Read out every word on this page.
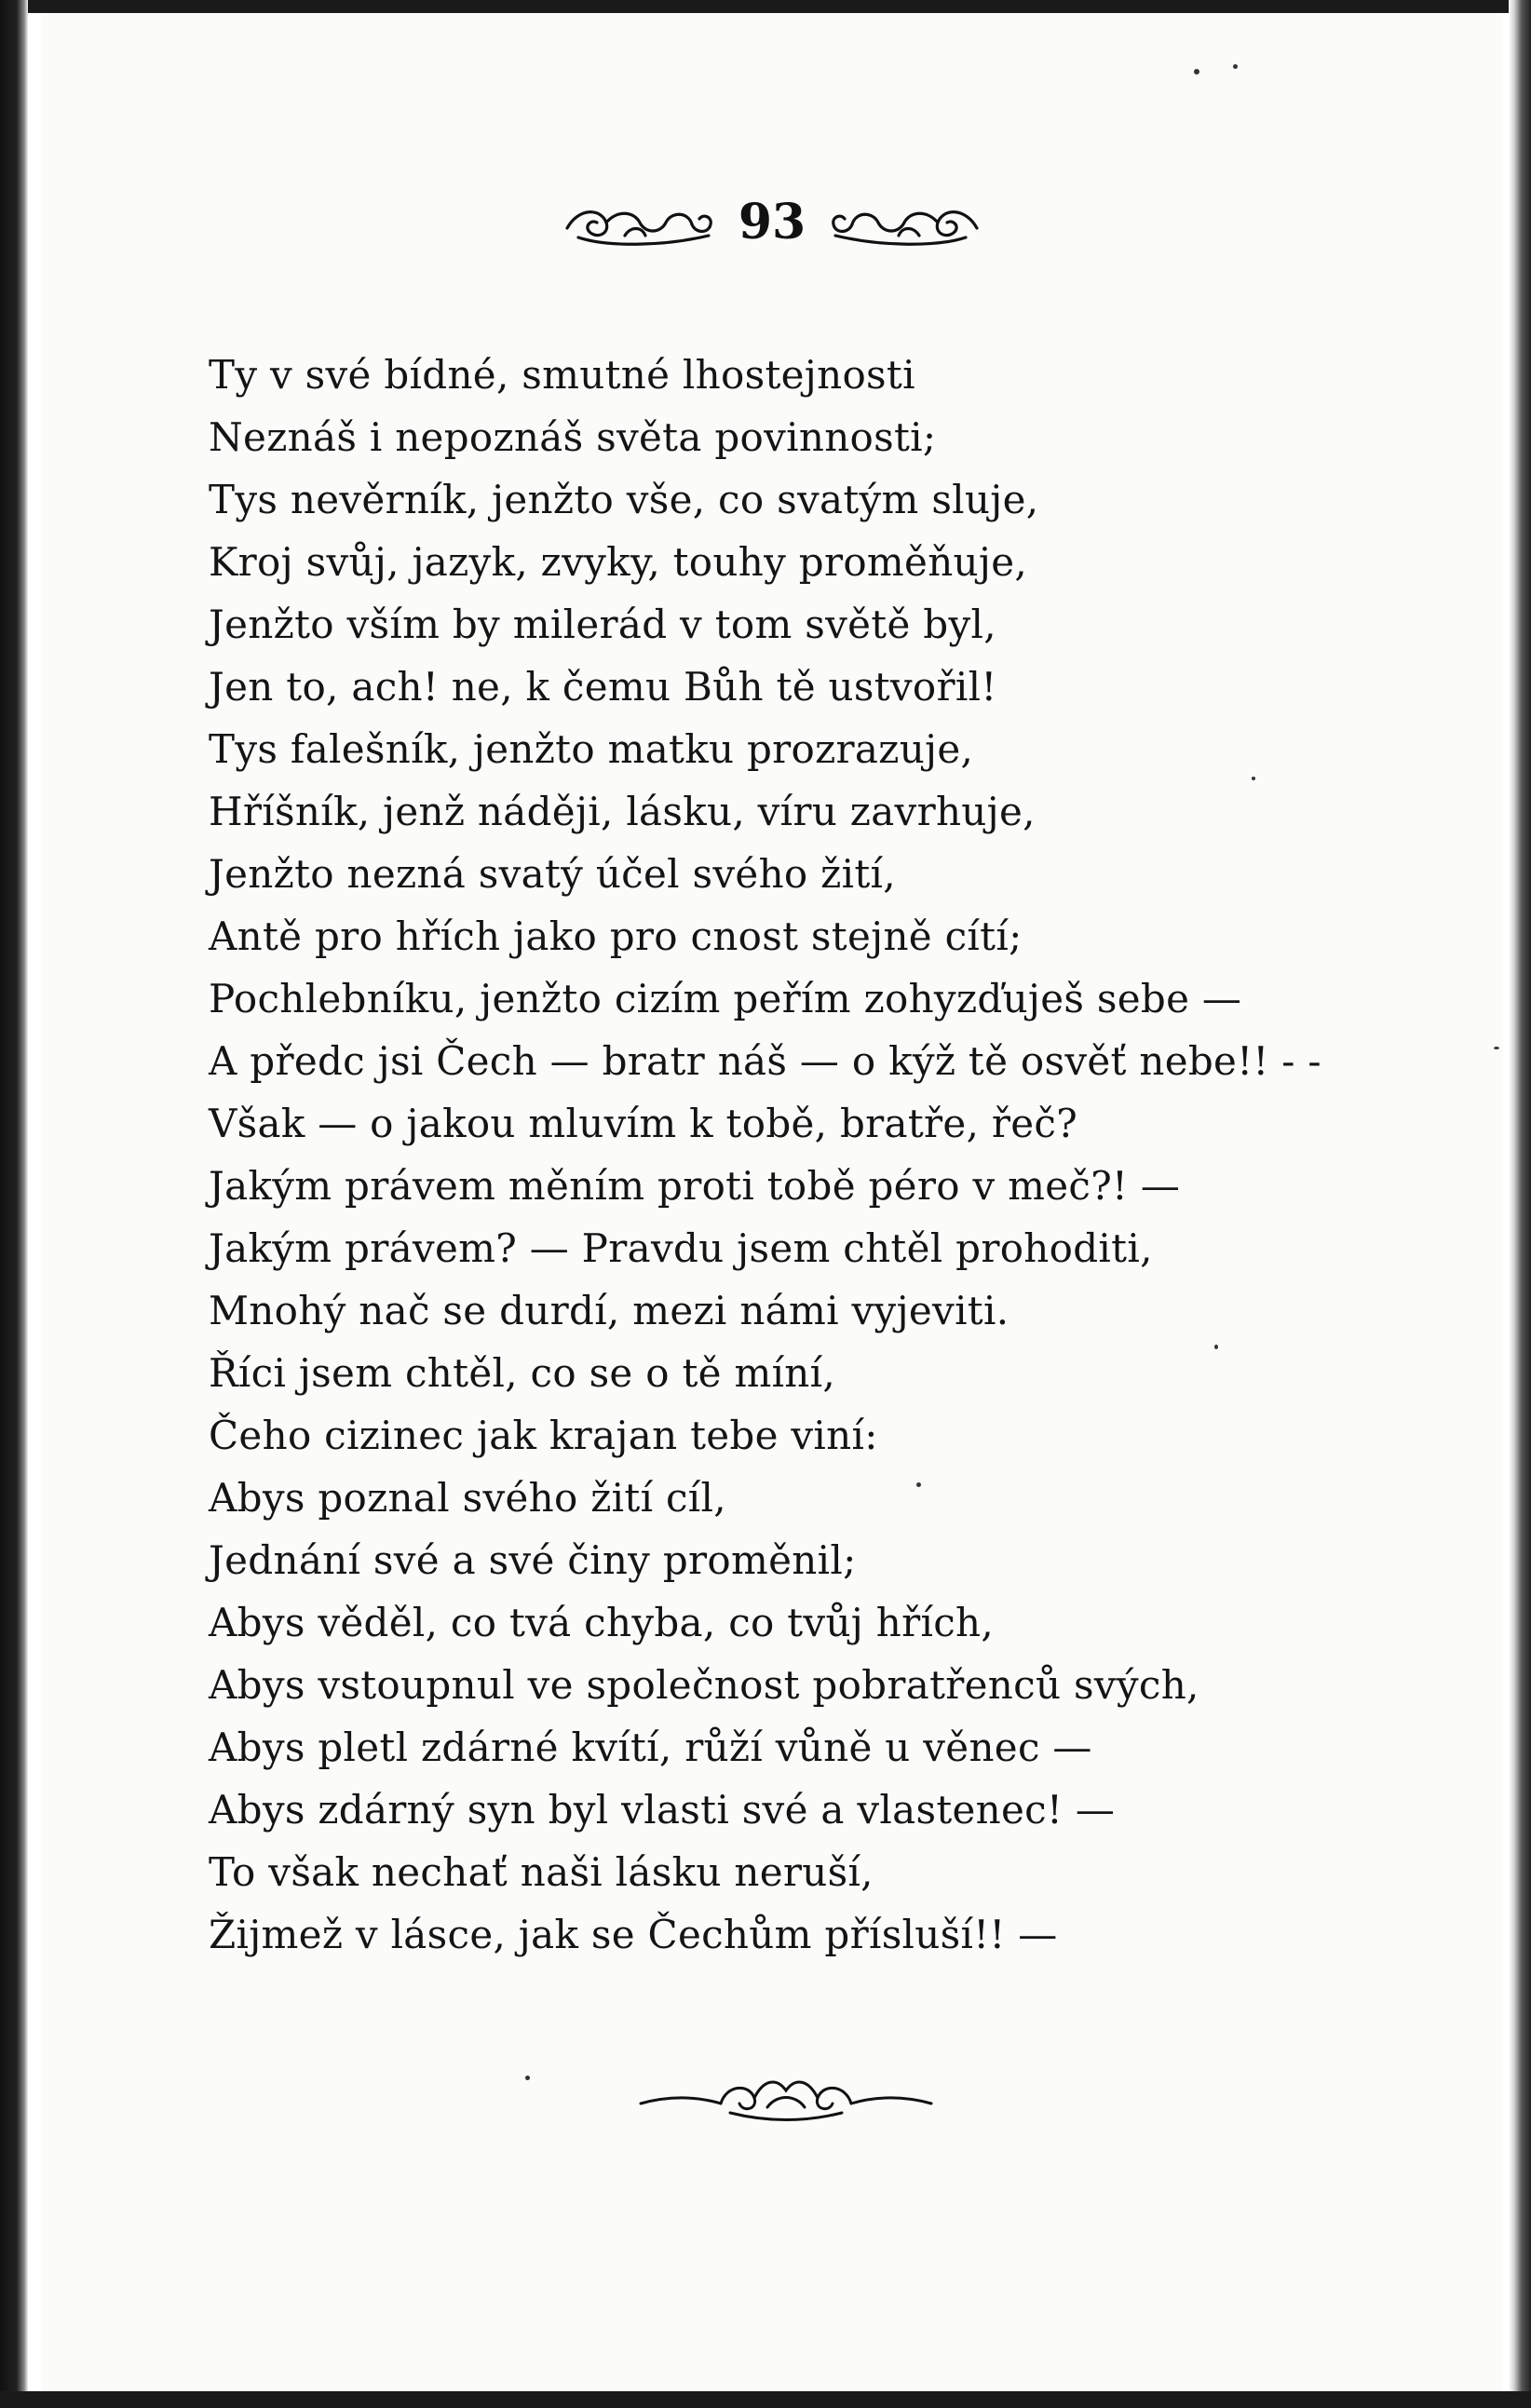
93
Ty v své bídné, smutné lhostejnosti
Neznáš i nepoznáš světa povinnosti;
Tys nevěrník, jenžto vše, co svatým sluje,
Kroj svůj, jazyk, zvyky, touhy proměňuje,
Jenžto vším by milerád v tom světě byl,
Jen to, ach! ne, k čemu Bůh tě ustvořil!
Tys falešník, jenžto matku prozrazuje,
Hříšník, jenž náději, lásku, víru zavrhuje,
Jenžto nezná svatý účel svého žití,
Antě pro hřích jako pro cnost stejně cítí;
Pochlebníku, jenžto cizím peřím zohyzďuješ sebe —
A předc jsi Čech — bratr náš — o kýž tě osvěť nebe!! - -
Však — o jakou mluvím k tobě, bratře, řeč?
Jakým právem měním proti tobě péro v meč?! —
Jakým právem? — Pravdu jsem chtěl prohoditi,
Mnohý nač se durdí, mezi námi vyjeviti.
Říci jsem chtěl, co se o tě míní,
Čeho cizinec jak krajan tebe viní:
Abys poznal svého žití cíl,
Jednání své a své činy proměnil;
Abys věděl, co tvá chyba, co tvůj hřích,
Abys vstoupnul ve společnost pobratřenců svých,
Abys pletl zdárné kvítí, růží vůně u věnec —
Abys zdárný syn byl vlasti své a vlastenec! —
To však nechať naši lásku neruší,
Žijmež v lásce, jak se Čechům přísluší!! —
